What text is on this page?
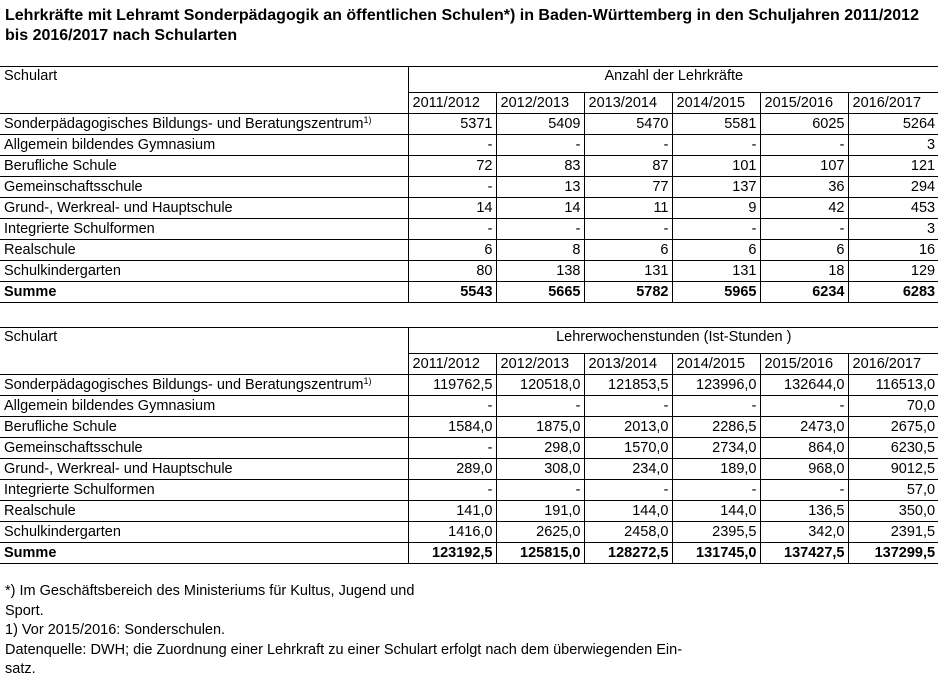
Lehrkräfte mit Lehramt Sonderpädagogik an öffentlichen Schulen*) in Baden-Württemberg in den Schuljahren 2011/2012 bis 2016/2017 nach Schularten
Schulart	Anzahl der Lehrkräfte					
	2011/2012	2012/2013	2013/2014	2014/2015	2015/2016	2016/2017
Sonderpädagogisches Bildungs- und Beratungszentrum$^{1)}$	5371	5409	5470	5581	6025	5264
Allgemein bildendes Gymnasium	-	-	-	-	-	3
Berufliche Schule	72	83	87	101	107	121
Gemeinschaftsschule	-	13	77	137	36	294
Grund-, Werkreal- und Hauptschule	14	14	11	9	42	453
Integrierte Schulformen	-	-	-	-	-	3
Realschule	6	8	6	6	6	16
Schulkindergarten	80	138	131	131	18	129
Summe	5543	5665	5782	5965	6234	6283
Schulart	Lehrerwochenstunden (Ist-Stunden )					
	2011/2012	2012/2013	2013/2014	2014/2015	2015/2016	2016/2017
Sonderpädagogisches Bildungs- und Beratungszentrum$^{1)}$	119762,5	120518,0	121853,5	123996,0	132644,0	116513,0
Allgemein bildendes Gymnasium	-	-	-	-	-	70,0
Berufliche Schule	1584,0	1875,0	2013,0	2286,5	2473,0	2675,0
Gemeinschaftsschule	-	298,0	1570,0	2734,0	864,0	6230,5
Grund-, Werkreal- und Hauptschule	289,0	308,0	234,0	189,0	968,0	9012,5
Integrierte Schulformen	-	-	-	-	-	57,0
Realschule	141,0	191,0	144,0	144,0	136,5	350,0
Schulkindergarten	1416,0	2625,0	2458,0	2395,5	342,0	2391,5
Summe	123192,5	125815,0	128272,5	131745,0	137427,5	137299,5
*) Im Geschäftsbereich des Ministeriums für Kultus, Jugend und
Sport.
1) Vor 2015/2016: Sonderschulen.
Datenquelle: DWH; die Zuordnung einer Lehrkraft zu einer Schulart erfolgt nach dem überwiegenden Ein-
satz.
